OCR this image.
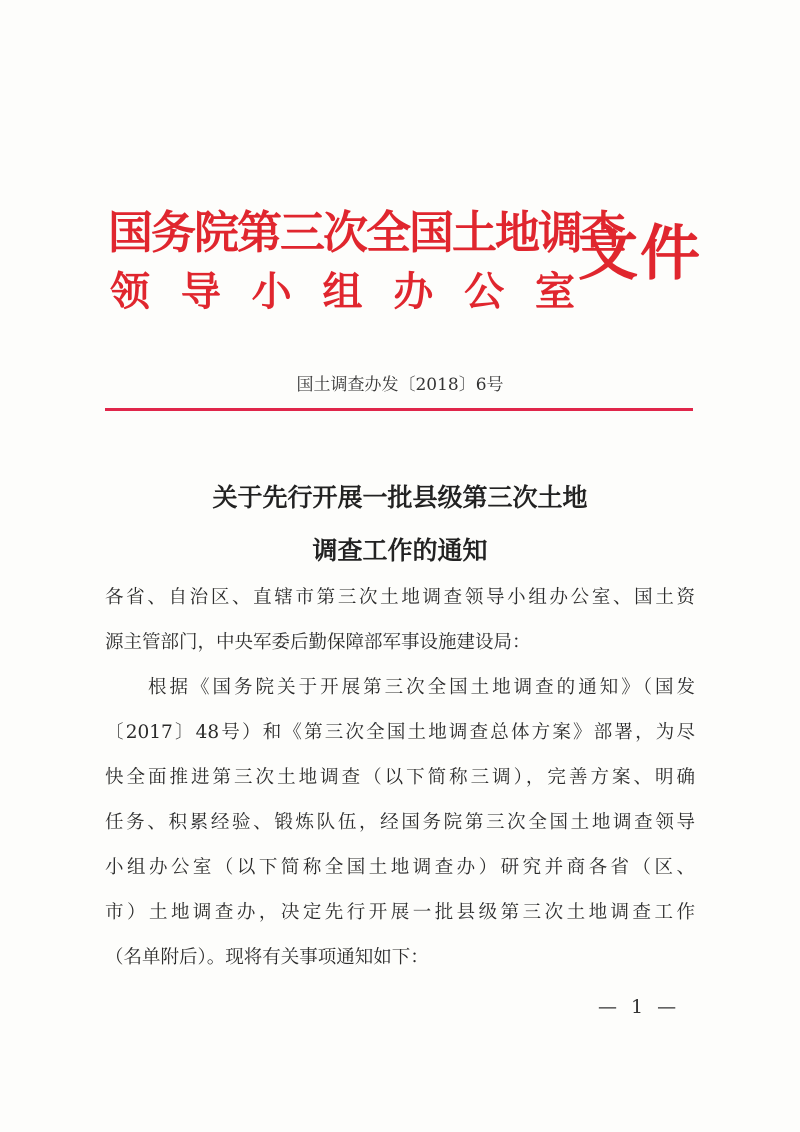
国务院第三次全国土地调查
领导小组办公室
文件
国土调查办发〔2018〕6号
关于先行开展一批县级第三次土地
调查工作的通知
各省、自治区、直辖市第三次土地调查领导小组办公室、国土资
源主管部门，中央军委后勤保障部军事设施建设局：
　　根据《国务院关于开展第三次全国土地调查的通知》（国发
〔2017〕48号）和《第三次全国土地调查总体方案》部署，为尽
快全面推进第三次土地调查（以下简称三调），完善方案、明确
任务、积累经验、锻炼队伍，经国务院第三次全国土地调查领导
小组办公室（以下简称全国土地调查办）研究并商各省（区、
市）土地调查办，决定先行开展一批县级第三次土地调查工作
（名单附后）。现将有关事项通知如下：
— 1 —
